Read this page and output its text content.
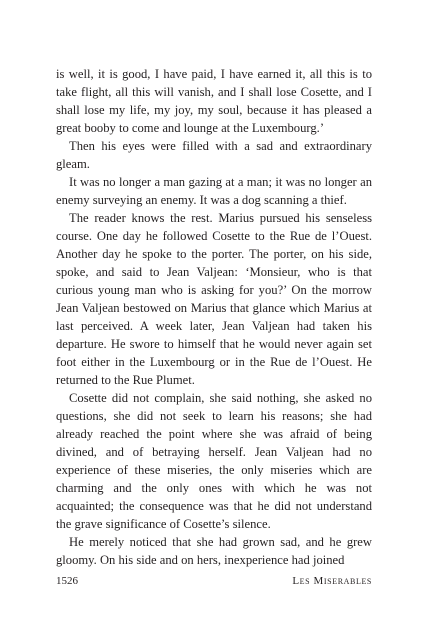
is well, it is good, I have paid, I have earned it, all this is to take flight, all this will vanish, and I shall lose Cosette, and I shall lose my life, my joy, my soul, because it has pleased a great booby to come and lounge at the Luxembourg.’

Then his eyes were filled with a sad and extraordinary gleam.

It was no longer a man gazing at a man; it was no longer an enemy surveying an enemy. It was a dog scanning a thief.

The reader knows the rest. Marius pursued his senseless course. One day he followed Cosette to the Rue de l’Ouest. Another day he spoke to the porter. The porter, on his side, spoke, and said to Jean Valjean: ‘Monsieur, who is that curious young man who is asking for you?’ On the morrow Jean Valjean bestowed on Marius that glance which Marius at last perceived. A week later, Jean Valjean had taken his departure. He swore to himself that he would never again set foot either in the Luxembourg or in the Rue de l’Ouest. He returned to the Rue Plumet.

Cosette did not complain, she said nothing, she asked no questions, she did not seek to learn his reasons; she had already reached the point where she was afraid of being divined, and of betraying herself. Jean Valjean had no experience of these miseries, the only miseries which are charming and the only ones with which he was not acquainted; the consequence was that he did not understand the grave significance of Cosette’s silence.

He merely noticed that she had grown sad, and he grew gloomy. On his side and on hers, inexperience had joined

1526	Les Miserables
